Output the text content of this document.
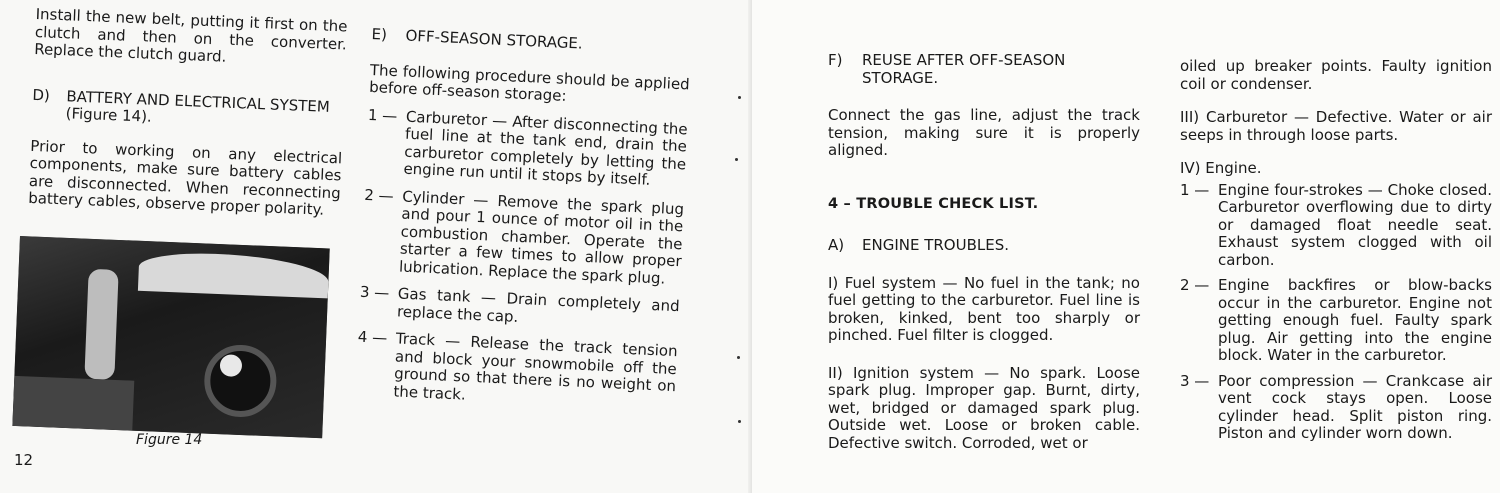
Install the new belt, putting it first on the clutch and then on the converter. Replace the clutch guard.

D)	BATTERY AND ELECTRICAL SYSTEM (Figure 14).

Prior to working on any electrical components, make sure battery cables are disconnected. When reconnecting battery cables, observe proper polarity.

Figure 14
12
E)	OFF-SEASON STORAGE.

The following procedure should be applied before off-season storage:

1 — Carburetor — After disconnecting the fuel line at the tank end, drain the carburetor completely by letting the engine run until it stops by itself.
2 — Cylinder — Remove the spark plug and pour 1 ounce of motor oil in the combustion chamber. Operate the starter a few times to allow proper lubrication. Replace the spark plug.
3 — Gas tank — Drain completely and replace the cap.
4 — Track — Release the track tension and block your snowmobile off the ground so that there is no weight on the track.
F)	REUSE AFTER OFF-SEASON STORAGE.

Connect the gas line, adjust the track tension, making sure it is properly aligned.

4 – TROUBLE CHECK LIST.

A)	ENGINE TROUBLES.

I) Fuel system — No fuel in the tank; no fuel getting to the carburetor. Fuel line is broken, kinked, bent too sharply or pinched. Fuel filter is clogged.

II) Ignition system — No spark. Loose spark plug. Improper gap. Burnt, dirty, wet, bridged or damaged spark plug. Outside wet. Loose or broken cable. Defective switch. Corroded, wet or

oiled up breaker points. Faulty ignition coil or condenser.

III) Carburetor — Defective. Water or air seeps in through loose parts.

IV) Engine.

1 — Engine four-strokes — Choke closed. Carburetor overflowing due to dirty or damaged float needle seat. Exhaust system clogged with oil carbon.
2 — Engine backfires or blow-backs occur in the carburetor. Engine not getting enough fuel. Faulty spark plug. Air getting into the engine block. Water in the carburetor.
3 — Poor compression — Crankcase air vent cock stays open. Loose cylinder head. Split piston ring. Piston and cylinder worn down.
